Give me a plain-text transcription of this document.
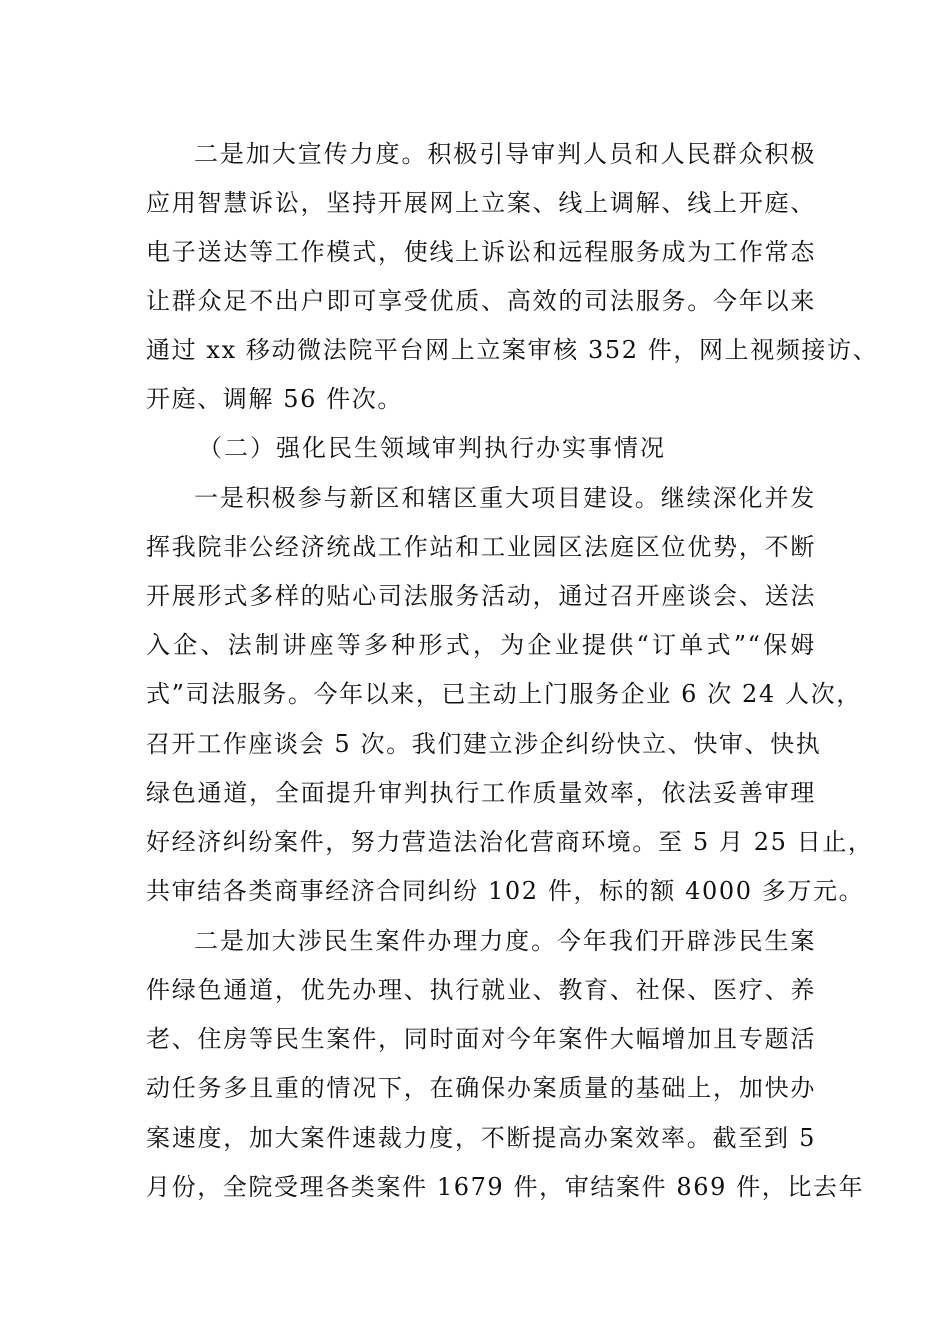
二是加大宣传力度。积极引导审判人员和人民群众积极
应用智慧诉讼，坚持开展网上立案、线上调解、线上开庭、
电子送达等工作模式，使线上诉讼和远程服务成为工作常态
让群众足不出户即可享受优质、高效的司法服务。今年以来
通过 xx 移动微法院平台网上立案审核 352 件，网上视频接访、
开庭、调解 56 件次。
（二）强化民生领域审判执行办实事情况
一是积极参与新区和辖区重大项目建设。继续深化并发
挥我院非公经济统战工作站和工业园区法庭区位优势，不断
开展形式多样的贴心司法服务活动，通过召开座谈会、送法
入企、法制讲座等多种形式，为企业提供“订单式”“保姆
式”司法服务。今年以来，已主动上门服务企业 6 次 24 人次，
召开工作座谈会 5 次。我们建立涉企纠纷快立、快审、快执
绿色通道，全面提升审判执行工作质量效率，依法妥善审理
好经济纠纷案件，努力营造法治化营商环境。至 5 月 25 日止，
共审结各类商事经济合同纠纷 102 件，标的额 4000 多万元。
二是加大涉民生案件办理力度。今年我们开辟涉民生案
件绿色通道，优先办理、执行就业、教育、社保、医疗、养
老、住房等民生案件，同时面对今年案件大幅增加且专题活
动任务多且重的情况下，在确保办案质量的基础上，加快办
案速度，加大案件速裁力度，不断提高办案效率。截至到 5
月份，全院受理各类案件 1679 件，审结案件 869 件，比去年
